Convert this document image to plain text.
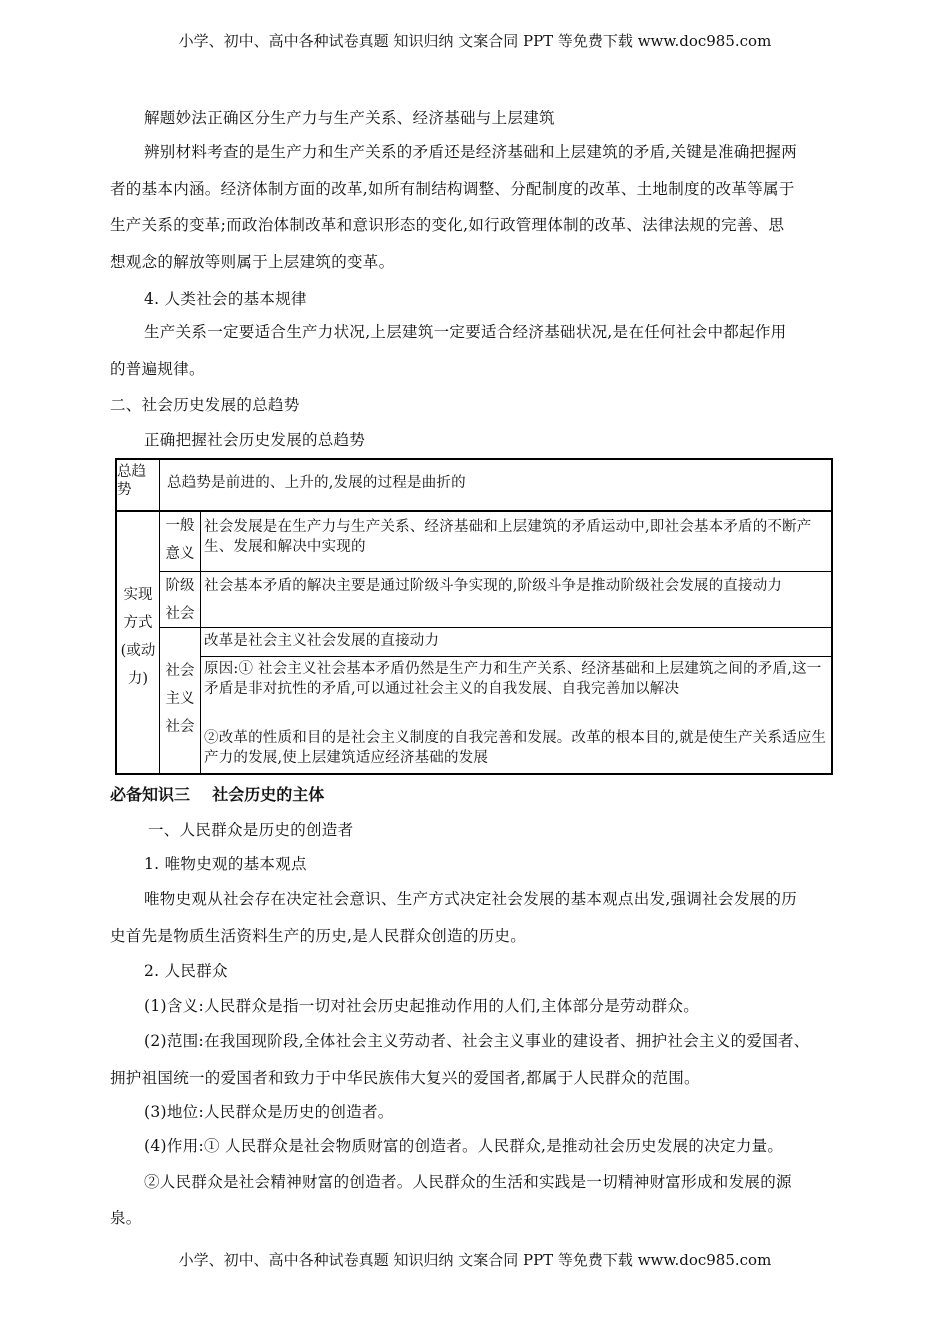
小学、初中、高中各种试卷真题 知识归纳 文案合同 PPT 等免费下载 www.doc985.com
解题妙法正确区分生产力与生产关系、经济基础与上层建筑
辨别材料考查的是生产力和生产关系的矛盾还是经济基础和上层建筑的矛盾,关键是准确把握两
者的基本内涵。经济体制方面的改革,如所有制结构调整、分配制度的改革、土地制度的改革等属于
生产关系的变革;而政治体制改革和意识形态的变化,如行政管理体制的改革、法律法规的完善、思
想观念的解放等则属于上层建筑的变革。
4. 人类社会的基本规律
生产关系一定要适合生产力状况,上层建筑一定要适合经济基础状况,是在任何社会中都起作用
的普遍规律。
二、社会历史发展的总趋势
正确把握社会历史发展的总趋势
总趋势	总趋势是前进的、上升的,发展的过程是曲折的
实现方式(或动力)
一般意义
社会发展是在生产力与生产关系、经济基础和上层建筑的矛盾运动中,即社会基本矛盾的不断产生、发展和解决中实现的
阶级社会
社会基本矛盾的解决主要是通过阶级斗争实现的,阶级斗争是推动阶级社会发展的直接动力
社会主义社会
改革是社会主义社会发展的直接动力
原因:① 社会主义社会基本矛盾仍然是生产力和生产关系、经济基础和上层建筑之间的矛盾,这一矛盾是非对抗性的矛盾,可以通过社会主义的自我发展、自我完善加以解决
②改革的性质和目的是社会主义制度的自我完善和发展。改革的根本目的,就是使生产关系适应生产力的发展,使上层建筑适应经济基础的发展
必备知识三    社会历史的主体
一、人民群众是历史的创造者
1. 唯物史观的基本观点
唯物史观从社会存在决定社会意识、生产方式决定社会发展的基本观点出发,强调社会发展的历
史首先是物质生活资料生产的历史,是人民群众创造的历史。
2. 人民群众
(1)含义:人民群众是指一切对社会历史起推动作用的人们,主体部分是劳动群众。
(2)范围:在我国现阶段,全体社会主义劳动者、社会主义事业的建设者、拥护社会主义的爱国者、
拥护祖国统一的爱国者和致力于中华民族伟大复兴的爱国者,都属于人民群众的范围。
(3)地位:人民群众是历史的创造者。
(4)作用:① 人民群众是社会物质财富的创造者。人民群众,是推动社会历史发展的决定力量。
②人民群众是社会精神财富的创造者。人民群众的生活和实践是一切精神财富形成和发展的源
泉。
小学、初中、高中各种试卷真题 知识归纳 文案合同 PPT 等免费下载 www.doc985.com
